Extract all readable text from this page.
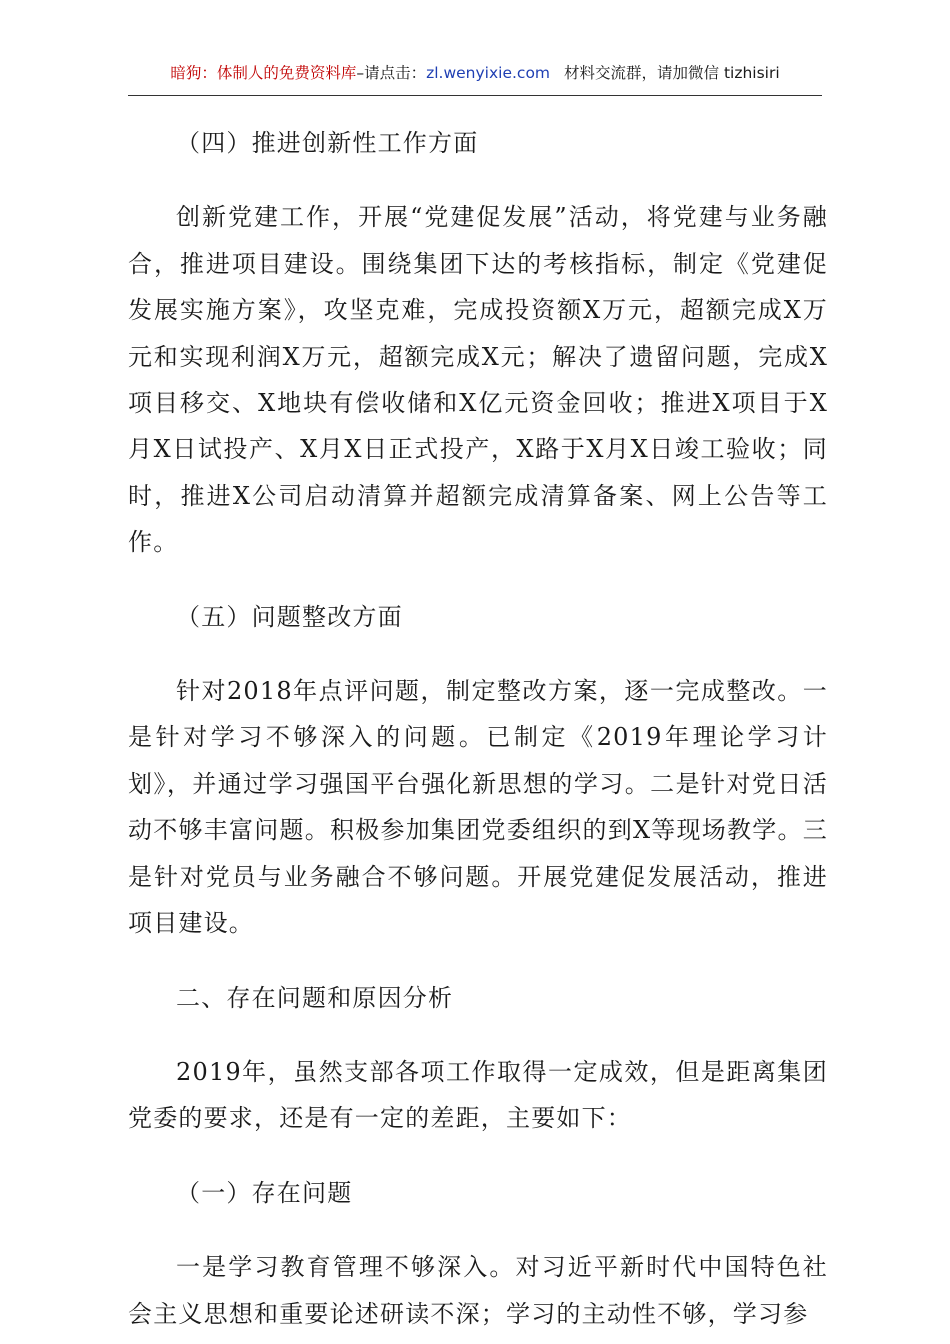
暗狗：体制人的免费资料库 – 请点击： zl.wenyixie.com 材料交流群，请加微信 tizhisiri

（四）推进创新性工作方面

创新党建工作，开展“党建促发展”活动，将党建与业务融合，推进项目建设。围绕集团下达的考核指标，制定《党建促发展实施方案》，攻坚克难，完成投资额X万元，超额完成X万元和实现利润X万元，超额完成X元；解决了遗留问题，完成X项目移交、X地块有偿收储和X亿元资金回收；推进X项目于X月X日试投产、X月X日正式投产，X路于X月X日竣工验收；同时，推进X公司启动清算并超额完成清算备案、网上公告等工作。

（五）问题整改方面

针对2018年点评问题，制定整改方案，逐一完成整改。一是针对学习不够深入的问题。已制定《2019年理论学习计划》，并通过学习强国平台强化新思想的学习。二是针对党日活动不够丰富问题。积极参加集团党委组织的到X等现场教学。三是针对党员与业务融合不够问题。开展党建促发展活动，推进项目建设。

二、存在问题和原因分析

2019年，虽然支部各项工作取得一定成效，但是距离集团党委的要求，还是有一定的差距，主要如下：

（一）存在问题

一是学习教育管理不够深入。对习近平新时代中国特色社会主义思想和重要论述研读不深；学习的主动性不够，学习参
